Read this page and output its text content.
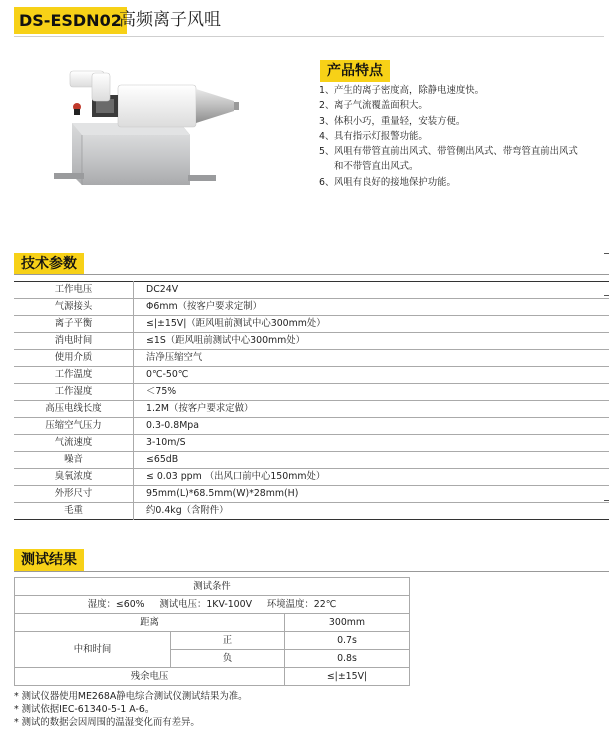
DS-ESDN02
高频离子风咀
产品特点
1、 产生的离子密度高，除静电速度快。
2、 离子气流覆盖面积大。
3、 体积小巧，重量轻，安装方便。
4、 具有指示灯报警功能。
5、 风咀有带管直前出风式、带管侧出风式、带弯管直前出风式
和不带管直出风式。
6、 风咀有良好的接地保护功能。
技术参数
工作电压	DC24V
气源接头	Φ6mm（按客户要求定制）
离子平衡	≤|±15V|（距风咀前测试中心300mm处）
消电时间	≤1S（距风咀前测试中心300mm处）
使用介质	洁净压缩空气
工作温度	0℃-50℃
工作湿度	＜75%
高压电线长度	1.2M（按客户要求定做）
压缩空气压力	0.3-0.8Mpa
气流速度	3-10m/S
噪音	≤65dB
臭氧浓度	≤ 0.03 ppm （出风口前中心150mm处）
外形尺寸	95mm(L)*68.5mm(W)*28mm(H)
毛重	约0.4kg（含附件）
测试结果
测试条件		
湿度：≤60%     测试电压：1KV-100V     环境温度：22℃		
距离		300mm
中和时间	正	0.7s
	负	0.8s
残余电压		≤|±15V|
* 测试仪器使用ME268A静电综合测试仪测试结果为准。
* 测试依据IEC-61340-5-1 A-6。
* 测试的数据会因周围的温湿变化而有差异。
